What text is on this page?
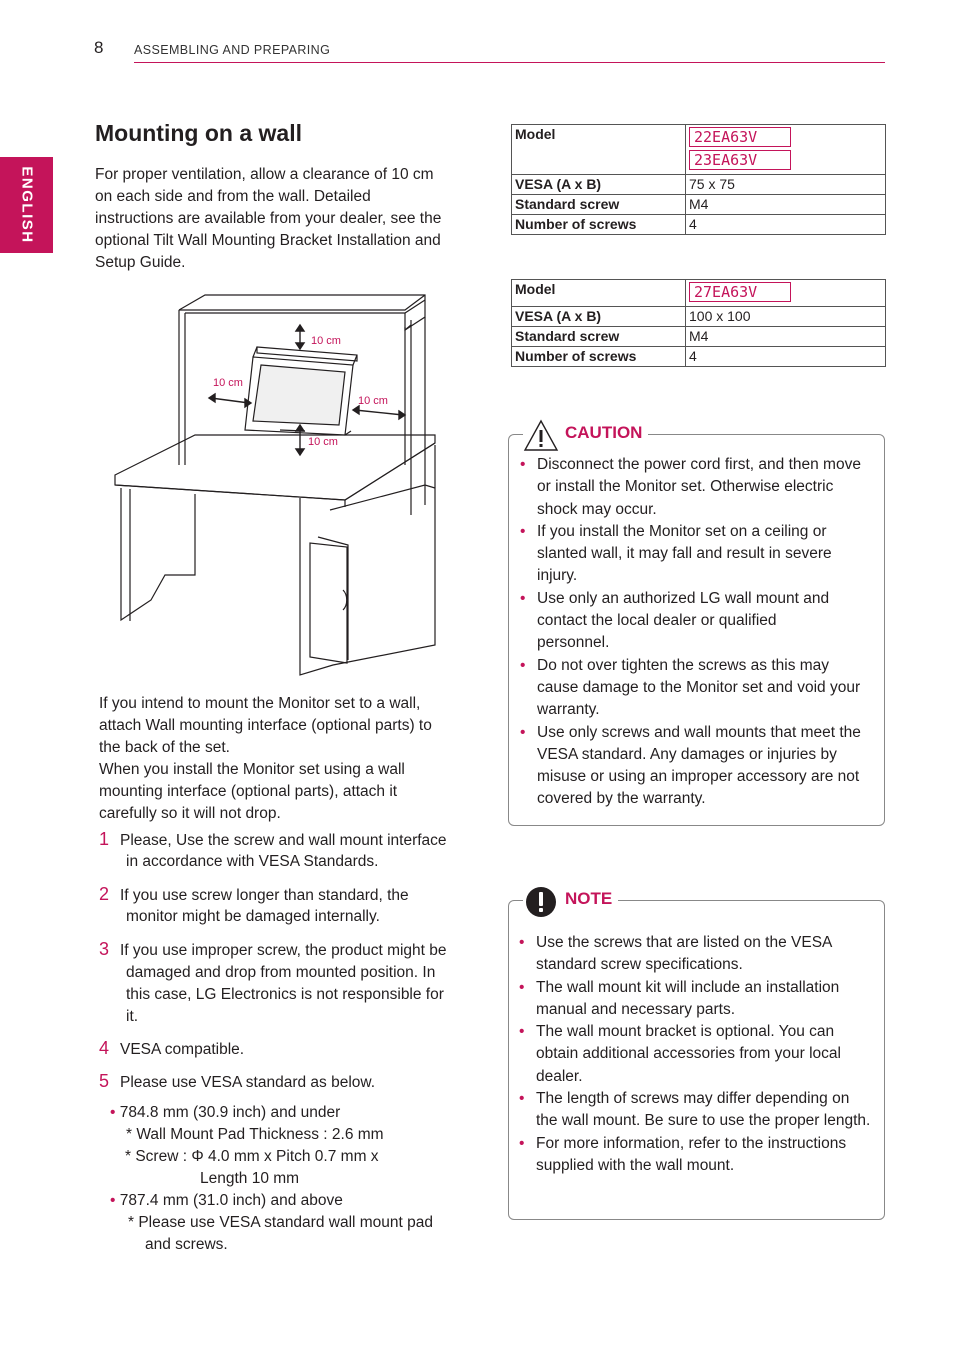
8 ASSEMBLING AND PREPARING
ENGLISH
Mounting on a wall
For proper ventilation, allow a clearance of 10 cm
on each side and from the wall. Detailed
instructions are available from your dealer, see the
optional Tilt Wall Mounting Bracket Installation and
Setup Guide.
10 cm
10 cm
10 cm
10 cm
If you intend to mount the Monitor set to a wall,
attach Wall mounting interface (optional parts) to
the back of the set.
When you install the Monitor set using a wall
mounting interface (optional parts), attach it
carefully so it will not drop.
1 Please, Use the screw and wall mount interface
in accordance with VESA Standards.
2 If you use screw longer than standard, the
monitor might be damaged internally.
3 If you use improper screw, the product might be
damaged and drop from mounted position. In
this case, LG Electronics is not responsible for
it.
4 VESA compatible.
5 Please use VESA standard as below.
• 784.8 mm (30.9 inch) and under
* Wall Mount Pad Thickness : 2.6 mm
* Screw : Φ 4.0 mm x Pitch 0.7 mm x
Length 10 mm
• 787.4 mm (31.0 inch) and above
* Please use VESA standard wall mount pad
and screws.
Model	22EA63V
23EA63V

VESA (A x B)	75 x 75
Standard screw	M4
Number of screws	4
Model	27EA63V

VESA (A x B)	100 x 100
Standard screw	M4
Number of screws	4
CAUTION
• Disconnect the power cord first, and then move or install the Monitor set. Otherwise electric shock may occur.
• If you install the Monitor set on a ceiling or slanted wall, it may fall and result in severe injury.
• Use only an authorized LG wall mount and contact the local dealer or qualified personnel.
• Do not over tighten the screws as this may cause damage to the Monitor set and void your warranty.
• Use only screws and wall mounts that meet the VESA standard. Any damages or injuries by misuse or using an improper accessory are not covered by the warranty.
NOTE
• Use the screws that are listed on the VESA standard screw specifications.
• The wall mount kit will include an installation manual and necessary parts.
• The wall mount bracket is optional. You can obtain additional accessories from your local dealer.
• The length of screws may differ depending on the wall mount. Be sure to use the proper length.
• For more information, refer to the instructions supplied with the wall mount.
